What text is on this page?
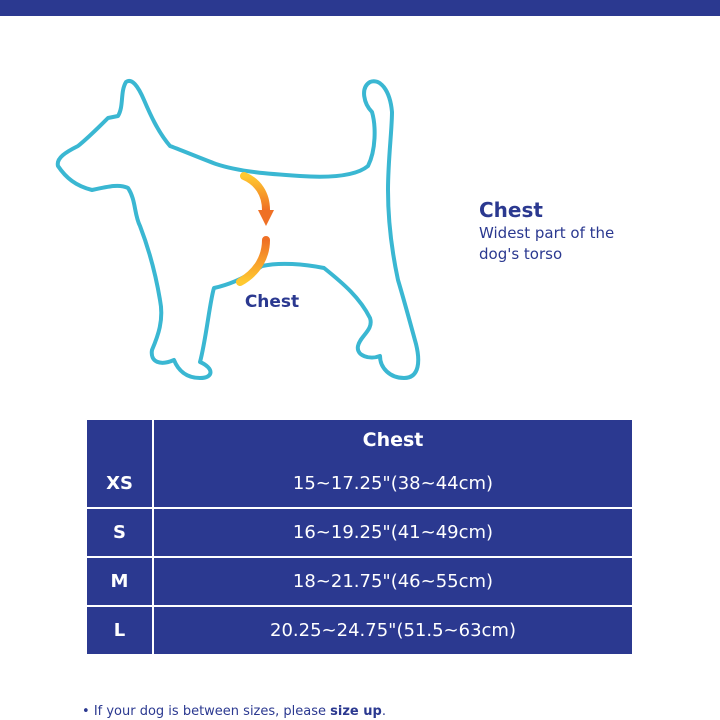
Chest
Chest
Widest part of the dog's torso
	Chest
XS	15~17.25"(38~44cm)
S	16~19.25"(41~49cm)
M	18~21.75"(46~55cm)
L	20.25~24.75"(51.5~63cm)
• If your dog is between sizes, please size up.
